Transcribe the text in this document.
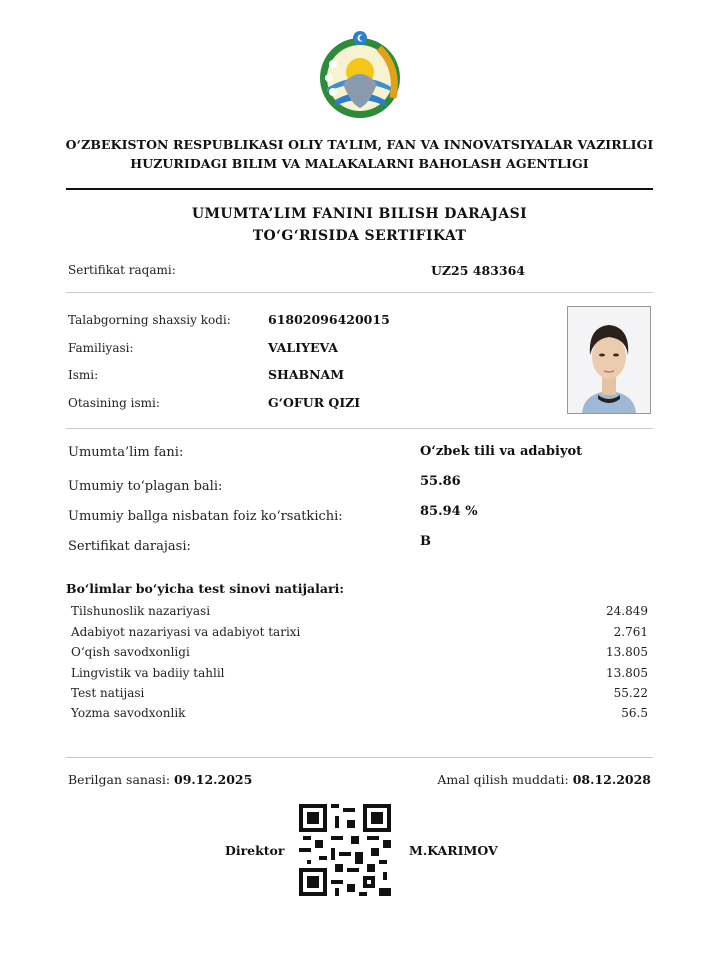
O‘ZBEKISTON RESPUBLIKASI OLIY TA’LIM, FAN VA INNOVATSIYALAR VAZIRLIGI
HUZURIDAGI BILIM VA MALAKALARNI BAHOLASH AGENTLIGI
UMUMTA’LIM FANINI BILISH DARAJASI
TO‘G‘RISIDA SERTIFIKAT
Sertifikat raqami:	UZ25 483364
Talabgorning shaxsiy kodi:	61802096420015
Familiyasi:	VALIYEVA
Ismi:	SHABNAM
Otasining ismi:	G‘OFUR QIZI
Umumta’lim fani:	O‘zbek tili va adabiyot
Umumiy to‘plagan bali:	55.86
Umumiy ballga nisbatan foiz ko‘rsatkichi:	85.94 %
Sertifikat darajasi:	B
Bo‘limlar bo‘yicha test sinovi natijalari:
Tilshunoslik nazariyasi	24.849
Adabiyot nazariyasi va adabiyot tarixi	2.761
O‘qish savodxonligi	13.805
Lingvistik va badiiy tahlil	13.805
Test natijasi	55.22
Yozma savodxonlik	56.5
Berilgan sanasi: 09.12.2025	Amal qilish muddati: 08.12.2028
Direktor	M.KARIMOV
